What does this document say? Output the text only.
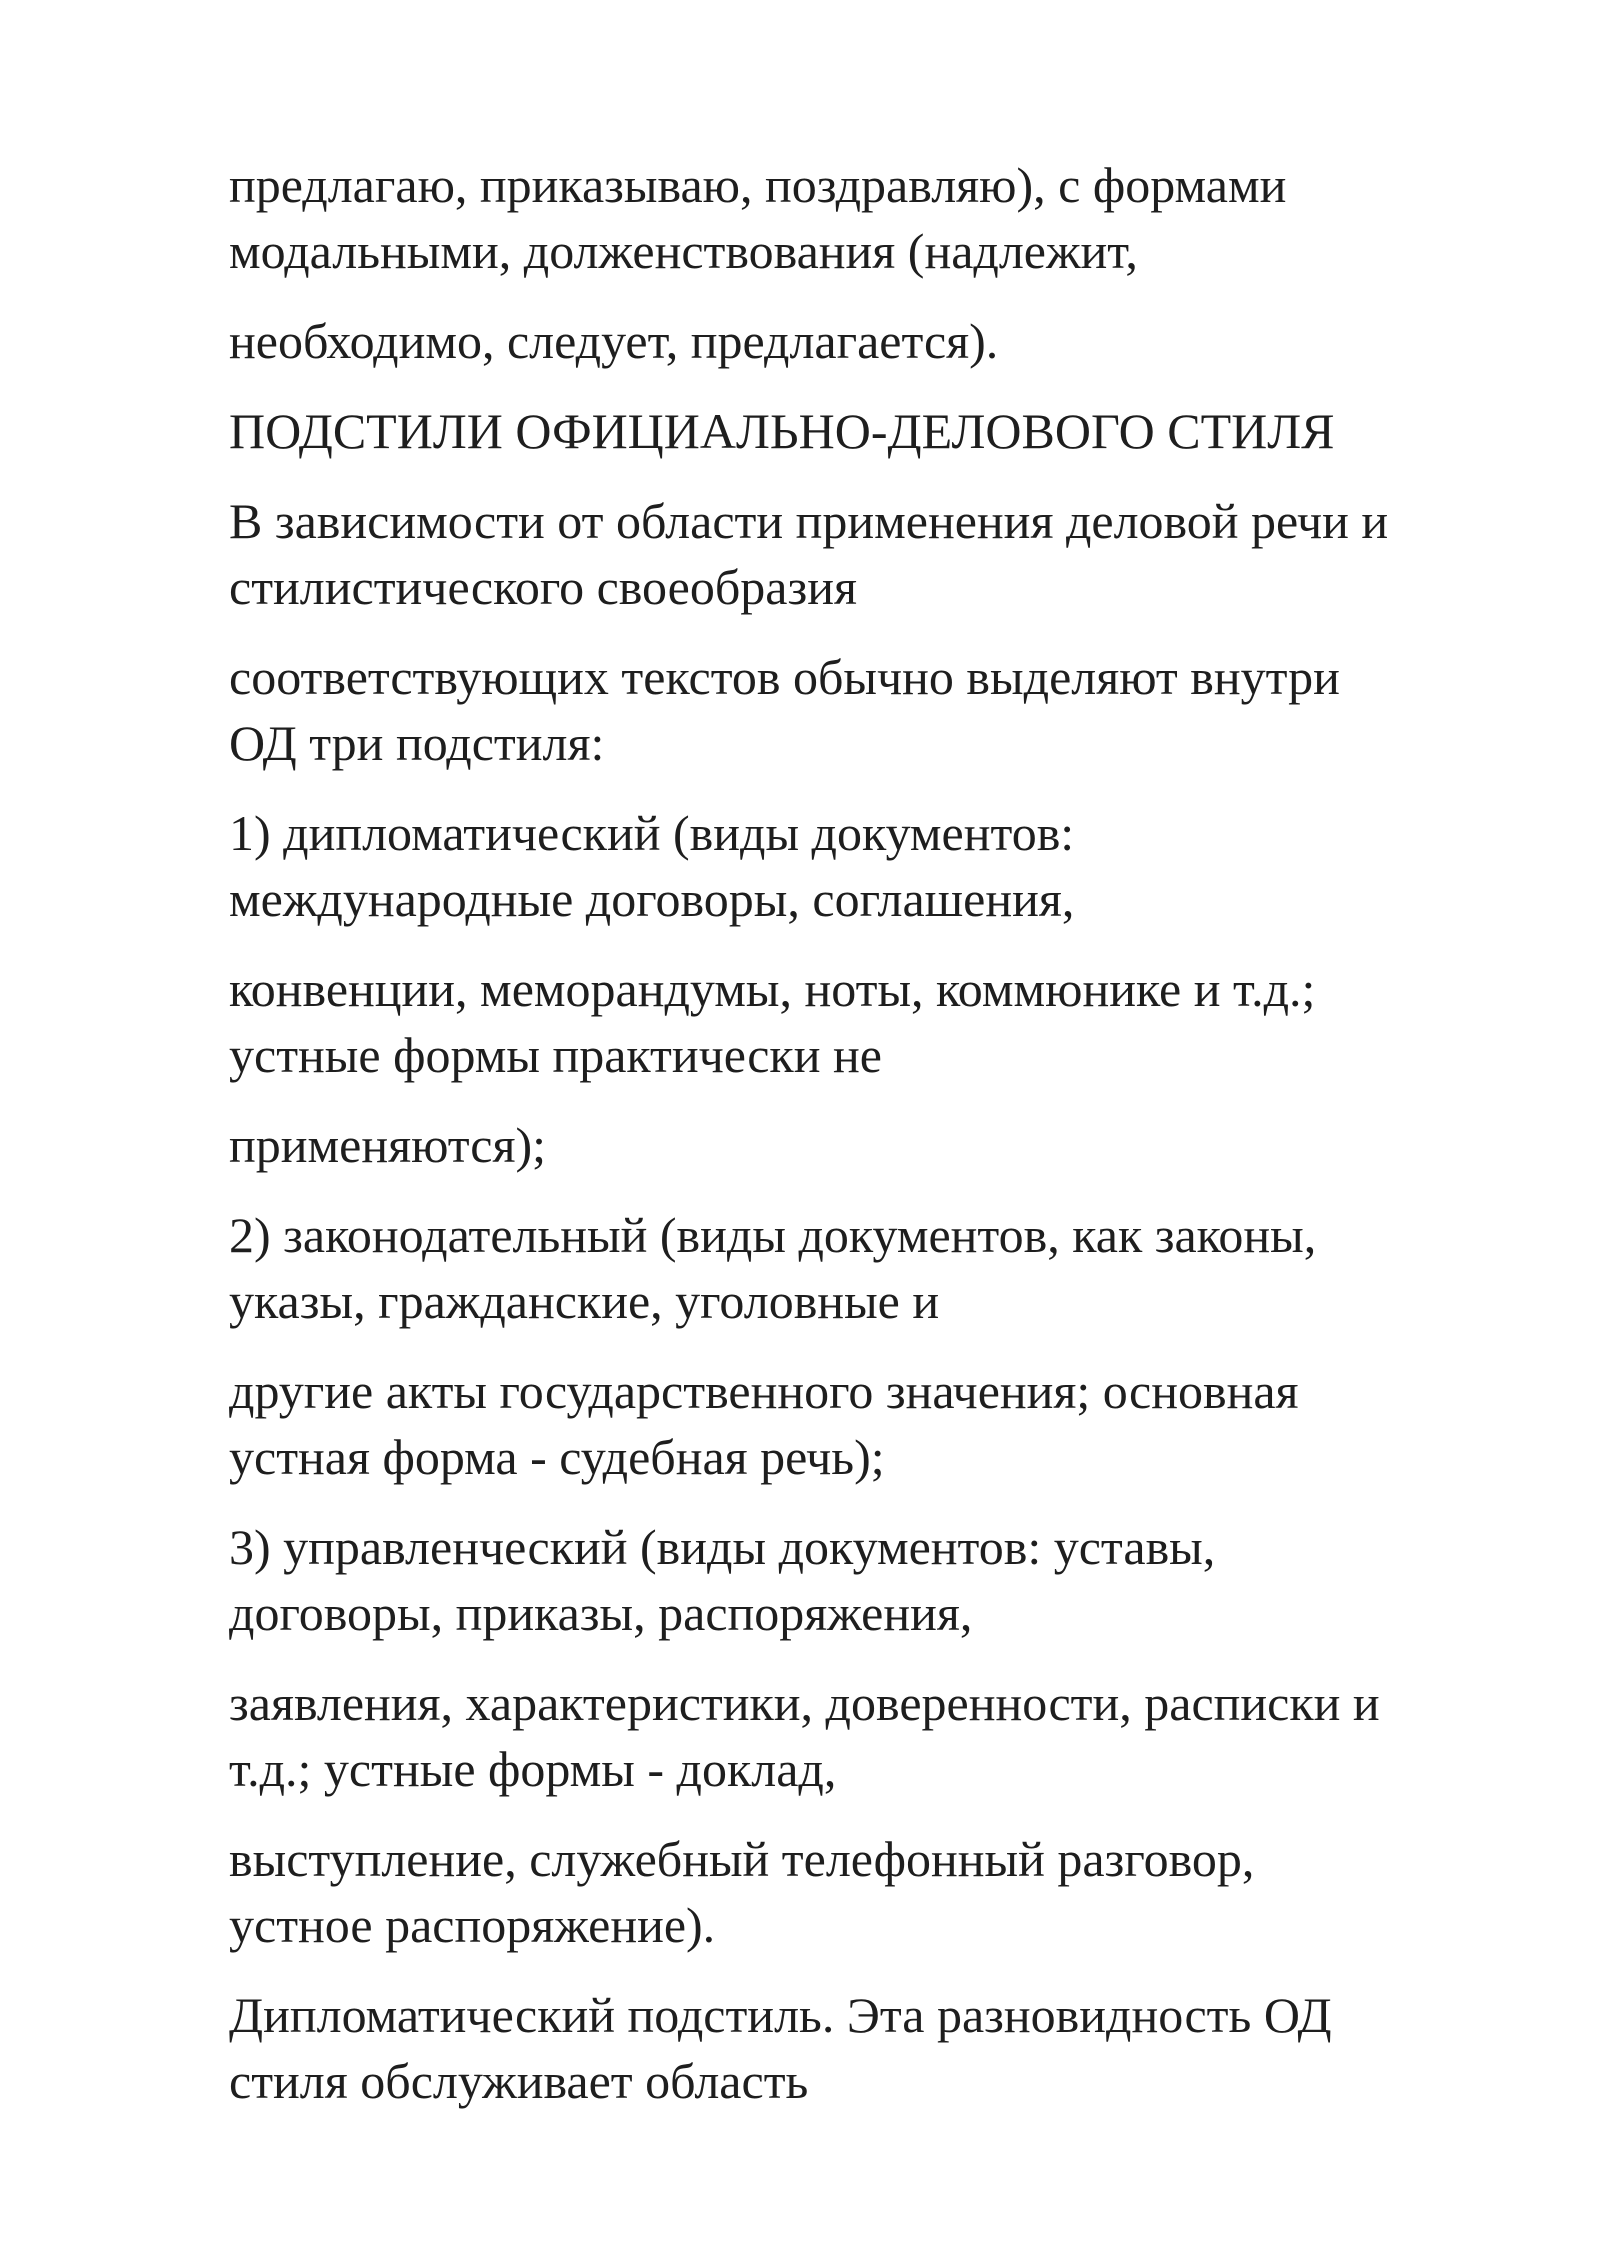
предлагаю, приказываю, поздравляю), с формами
модальными, долженствования (надлежит,

необходимо, следует, предлагается).

ПОДСТИЛИ ОФИЦИАЛЬНО-ДЕЛОВОГО СТИЛЯ

В зависимости от области применения деловой речи и
стилистического своеобразия

соответствующих текстов обычно выделяют внутри
ОД три подстиля:

1) дипломатический (виды документов:
международные договоры, соглашения,

конвенции, меморандумы, ноты, коммюнике и т.д.;
устные формы практически не

применяются);

2) законодательный (виды документов, как законы,
указы, гражданские, уголовные и

другие акты государственного значения; основная
устная форма - судебная речь);

3) управленческий (виды документов: уставы,
договоры, приказы, распоряжения,

заявления, характеристики, доверенности, расписки и
т.д.; устные формы - доклад,

выступление, служебный телефонный разговор,
устное распоряжение).

Дипломатический подстиль. Эта разновидность ОД
стиля обслуживает область
